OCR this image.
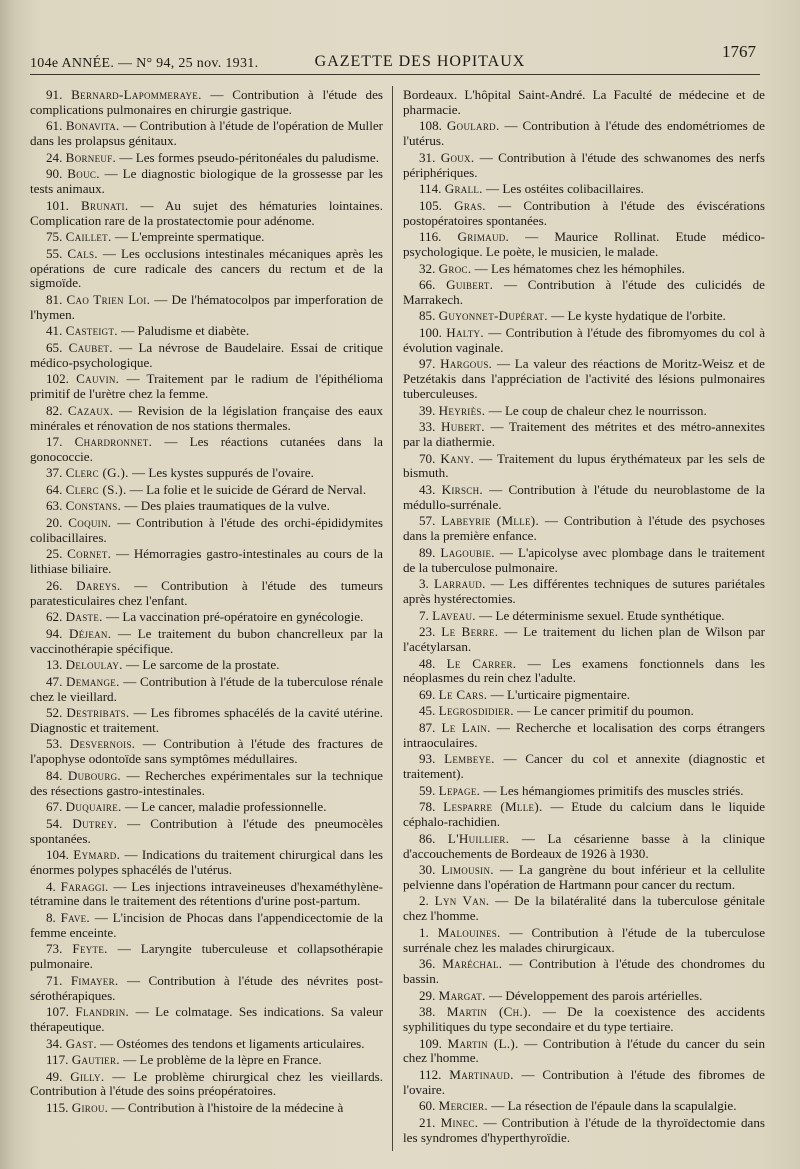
104e ANNÉE. — N° 94, 25 nov. 1931.	GAZETTE DES HOPITAUX
1767

91. Bernard-Lapommeraye. — Contribution à l'étude des complications pulmonaires en chirurgie gastrique.

61. Bonavita. — Contribution à l'étude de l'opération de Muller dans les prolapsus génitaux.

24. Borneuf. — Les formes pseudo-péritonéales du paludisme.

90. Bouc. — Le diagnostic biologique de la grossesse par les tests animaux.

101. Brunati. — Au sujet des hématuries lointaines. Complication rare de la prostatectomie pour adénome.

75. Caillet. — L'empreinte spermatique.

55. Cals. — Les occlusions intestinales mécaniques après les opérations de cure radicale des cancers du rectum et de la sigmoïde.

81. Cao Trien Loi. — De l'hématocolpos par imperforation de l'hymen.

41. Casteigt. — Paludisme et diabète.

65. Caubet. — La névrose de Baudelaire. Essai de critique médico-psychologique.

102. Cauvin. — Traitement par le radium de l'épithélioma primitif de l'urètre chez la femme.

82. Cazaux. — Revision de la législation française des eaux minérales et rénovation de nos stations thermales.

17. Chardronnet. — Les réactions cutanées dans la gonococcie.

37. Clerc (G.). — Les kystes suppurés de l'ovaire.

64. Clerc (S.). — La folie et le suicide de Gérard de Nerval.

63. Constans. — Des plaies traumatiques de la vulve.

20. Coquin. — Contribution à l'étude des orchi-épididymites colibacillaires.

25. Cornet. — Hémorragies gastro-intestinales au cours de la lithiase biliaire.

26. Dareys. — Contribution à l'étude des tumeurs paratesticulaires chez l'enfant.

62. Daste. — La vaccination pré-opératoire en gynécologie.

94. Déjean. — Le traitement du bubon chancrelleux par la vaccinothérapie spécifique.

13. Deloulay. — Le sarcome de la prostate.

47. Demange. — Contribution à l'étude de la tuberculose rénale chez le vieillard.

52. Destribats. — Les fibromes sphacélés de la cavité utérine. Diagnostic et traitement.

53. Desvernois. — Contribution à l'étude des fractures de l'apophyse odontoïde sans symptômes médullaires.

84. Dubourg. — Recherches expérimentales sur la technique des résections gastro-intestinales.

67. Duquaire. — Le cancer, maladie professionnelle.

54. Dutrey. — Contribution à l'étude des pneumocèles spontanées.

104. Eymard. — Indications du traitement chirurgical dans les énormes polypes sphacélés de l'utérus.

4. Faraggi. — Les injections intraveineuses d'hexaméthylène-tétramine dans le traitement des rétentions d'urine post-partum.

8. Fave. — L'incision de Phocas dans l'appendicectomie de la femme enceinte.

73. Feyte. — Laryngite tuberculeuse et collapsothérapie pulmonaire.

71. Fimayer. — Contribution à l'étude des névrites post-sérothérapiques.

107. Flandrin. — Le colmatage. Ses indications. Sa valeur thérapeutique.

34. Gast. — Ostéomes des tendons et ligaments articulaires.

117. Gautier. — Le problème de la lèpre en France.

49. Gilly. — Le problème chirurgical chez les vieillards. Contribution à l'étude des soins préopératoires.

115. Girou. — Contribution à l'histoire de la médecine à

Bordeaux. L'hôpital Saint-André. La Faculté de médecine et de pharmacie.

108. Goulard. — Contribution à l'étude des endométriomes de l'utérus.

31. Goux. — Contribution à l'étude des schwanomes des nerfs périphériques.

114. Grall. — Les ostéites colibacillaires.

105. Gras. — Contribution à l'étude des éviscérations postopératoires spontanées.

116. Grimaud. — Maurice Rollinat. Etude médico-psychologique. Le poète, le musicien, le malade.

32. Groc. — Les hématomes chez les hémophiles.

66. Guibert. — Contribution à l'étude des culicidés de Marrakech.

85. Guyonnet-Dupérat. — Le kyste hydatique de l'orbite.

100. Halty. — Contribution à l'étude des fibromyomes du col à évolution vaginale.

97. Hargous. — La valeur des réactions de Moritz-Weisz et de Petzétakis dans l'appréciation de l'activité des lésions pulmonaires tuberculeuses.

39. Heyriès. — Le coup de chaleur chez le nourrisson.

33. Hubert. — Traitement des métrites et des métro-annexites par la diathermie.

70. Kany. — Traitement du lupus érythémateux par les sels de bismuth.

43. Kirsch. — Contribution à l'étude du neuroblastome de la médullo-surrénale.

57. Labeyrie (Mlle). — Contribution à l'étude des psychoses dans la première enfance.

89. Lagoubie. — L'apicolyse avec plombage dans le traitement de la tuberculose pulmonaire.

3. Larraud. — Les différentes techniques de sutures pariétales après hystérectomies.

7. Laveau. — Le déterminisme sexuel. Etude synthétique.

23. Le Berre. — Le traitement du lichen plan de Wilson par l'acétylarsan.

48. Le Carrer. — Les examens fonctionnels dans les néoplasmes du rein chez l'adulte.

69. Le Cars. — L'urticaire pigmentaire.

45. Legrosdidier. — Le cancer primitif du poumon.

87. Le Lain. — Recherche et localisation des corps étrangers intraoculaires.

93. Lembeye. — Cancer du col et annexite (diagnostic et traitement).

59. Lepage. — Les hémangiomes primitifs des muscles striés.

78. Lesparre (Mlle). — Etude du calcium dans le liquide céphalo-rachidien.

86. L'Huillier. — La césarienne basse à la clinique d'accouchements de Bordeaux de 1926 à 1930.

30. Limousin. — La gangrène du bout inférieur et la cellulite pelvienne dans l'opération de Hartmann pour cancer du rectum.

2. Lyn Van. — De la bilatéralité dans la tuberculose génitale chez l'homme.

1. Malouines. — Contribution à l'étude de la tuberculose surrénale chez les malades chirurgicaux.

36. Maréchal. — Contribution à l'étude des chondromes du bassin.

29. Margat. — Développement des parois artérielles.

38. Martin (Ch.). — De la coexistence des accidents syphilitiques du type secondaire et du type tertiaire.

109. Martin (L.). — Contribution à l'étude du cancer du sein chez l'homme.

112. Martinaud. — Contribution à l'étude des fibromes de l'ovaire.

60. Mercier. — La résection de l'épaule dans la scapulalgie.

21. Minec. — Contribution à l'étude de la thyroïdectomie dans les syndromes d'hyperthyroïdie.
